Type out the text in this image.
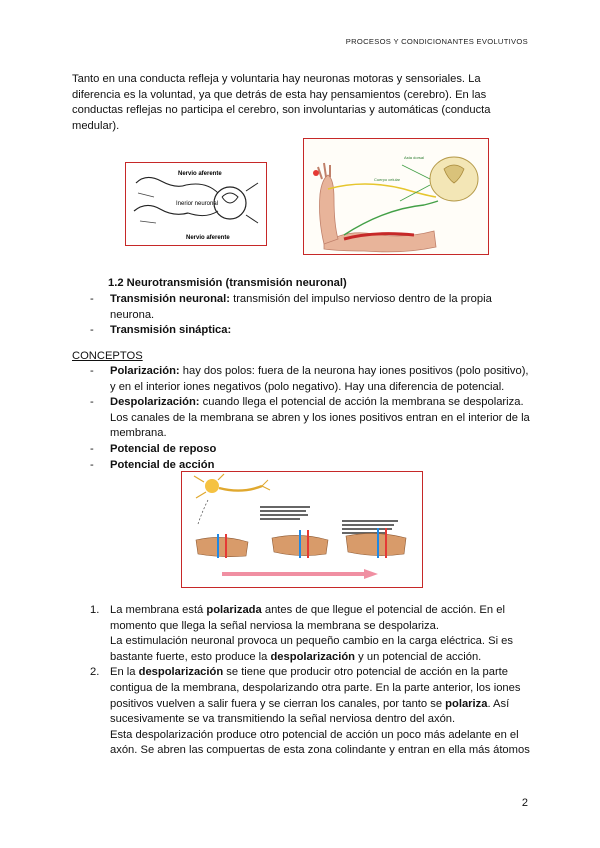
PROCESOS Y CONDICIONANTES EVOLUTIVOS
Tanto en una conducta refleja y voluntaria hay neuronas motoras y sensoriales. La diferencia es la voluntad, ya que detrás de esta hay pensamientos (cerebro). En las conductas reflejas no participa el cerebro, son involuntarias y automáticas (conducta medular).
Nervio aferente
Inerior neuronal
Nervio aferente
Asta dorsal
Cuerpo celular
1.2 Neurotransmisión (transmisión neuronal)
- Transmisión neuronal: transmisión del impulso nervioso dentro de la propia neurona.
- Transmisión sináptica:
CONCEPTOS
- Polarización: hay dos polos: fuera de la neurona hay iones positivos (polo positivo), y en el interior iones negativos (polo negativo). Hay una diferencia de potencial.
- Despolarización: cuando llega el potencial de acción la membrana se despolariza. Los canales de la membrana se abren y los iones positivos entran en el interior de la membrana.
- Potencial de reposo
- Potencial de acción
1. La membrana está polarizada antes de que llegue el potencial de acción. En el momento que llega la señal nerviosa la membrana se despolariza.
La estimulación neuronal provoca un pequeño cambio en la carga eléctrica. Si es bastante fuerte, esto produce la despolarización y un potencial de acción.
2. En la despolarización se tiene que producir otro potencial de acción en la parte contigua de la membrana, despolarizando otra parte. En la parte anterior, los iones positivos vuelven a salir fuera y se cierran los canales, por tanto se polariza. Así sucesivamente se va transmitiendo la señal nerviosa dentro del axón.
Esta despolarización produce otro potencial de acción un poco más adelante en el axón. Se abren las compuertas de esta zona colindante y entran en ella más átomos
2
